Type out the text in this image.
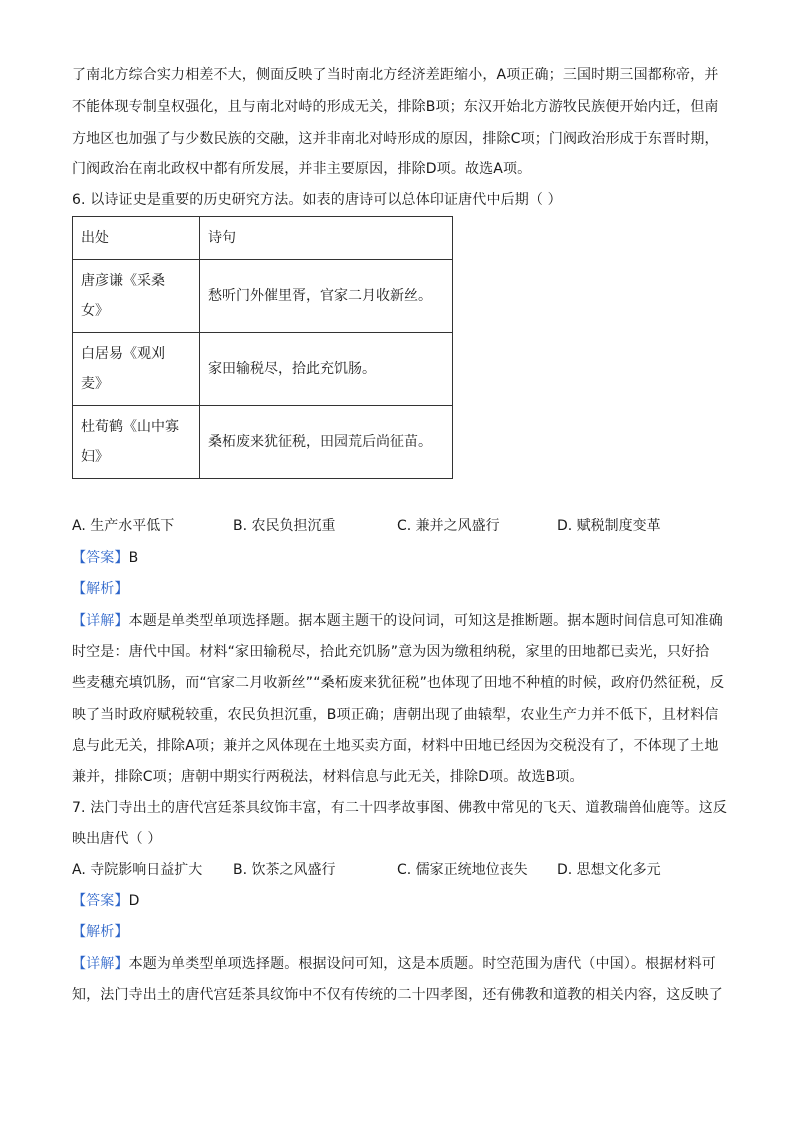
了南北方综合实力相差不大，侧面反映了当时南北方经济差距缩小，A项正确；三国时期三国都称帝，并
不能体现专制皇权强化，且与南北对峙的形成无关，排除B项；东汉开始北方游牧民族便开始内迁，但南
方地区也加强了与少数民族的交融，这并非南北对峙形成的原因，排除C项；门阀政治形成于东晋时期，
门阀政治在南北政权中都有所发展，并非主要原因，排除D项。故选A项。
6. 以诗证史是重要的历史研究方法。如表的唐诗可以总体印证唐代中后期（ ）
出处	诗句

唐彦谦《采桑
女》	愁听门外催里胥，官家二月收新丝。

白居易《观刈
麦》	家田输税尽，拾此充饥肠。

杜荀鹤《山中寡
妇》	桑柘废来犹征税，田园荒后尚征苗。
A. 生产水平低下	B. 农民负担沉重	C. 兼并之风盛行	D. 赋税制度变革
【答案】B
【解析】
【详解】本题是单类型单项选择题。据本题主题干的设问词，可知这是推断题。据本题时间信息可知准确
时空是：唐代中国。材料“家田输税尽，拾此充饥肠”意为因为缴租纳税，家里的田地都已卖光，只好拾
些麦穗充填饥肠，而“官家二月收新丝”“桑柘废来犹征税”也体现了田地不种植的时候，政府仍然征税，反
映了当时政府赋税较重，农民负担沉重，B项正确；唐朝出现了曲辕犁，农业生产力并不低下，且材料信
息与此无关，排除A项；兼并之风体现在土地买卖方面，材料中田地已经因为交税没有了，不体现了土地
兼并，排除C项；唐朝中期实行两税法，材料信息与此无关，排除D项。故选B项。
7. 法门寺出土的唐代宫廷茶具纹饰丰富，有二十四孝故事图、佛教中常见的飞天、道教瑞兽仙鹿等。这反
映出唐代（ ）
A. 寺院影响日益扩大 B. 饮茶之风盛行	C. 儒家正统地位丧失 D. 思想文化多元
【答案】D
【解析】
【详解】本题为单类型单项选择题。根据设问可知，这是本质题。时空范围为唐代（中国）。根据材料可
知，法门寺出土的唐代宫廷茶具纹饰中不仅有传统的二十四孝图，还有佛教和道教的相关内容，这反映了
